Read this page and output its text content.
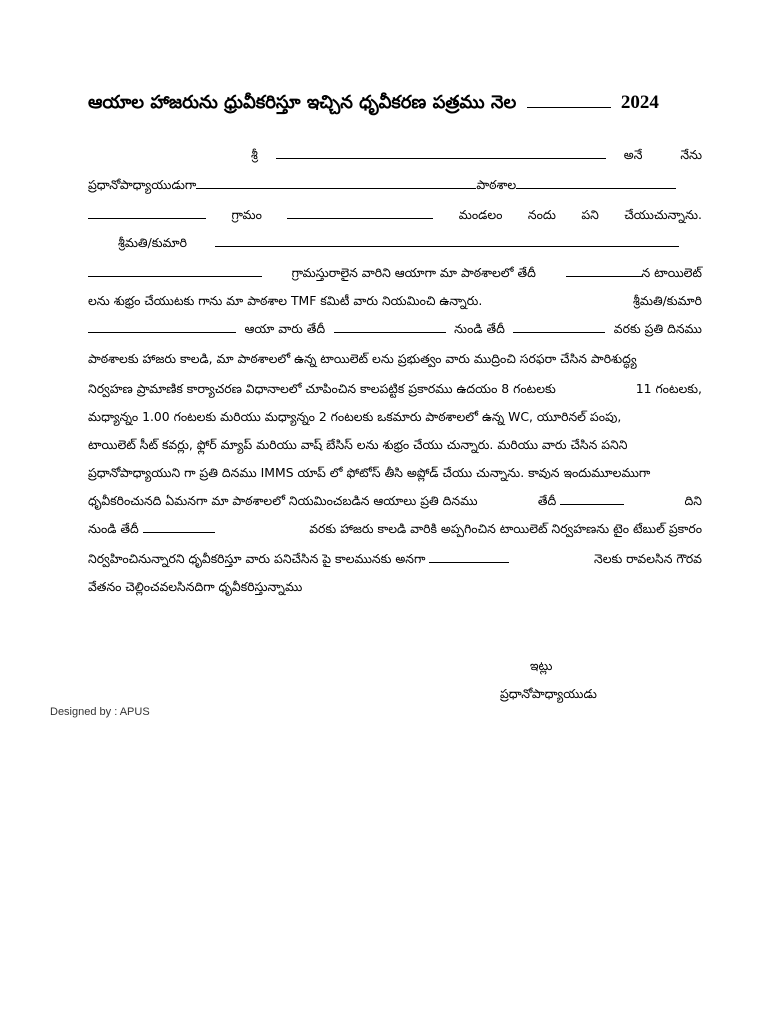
ఆయాల హాజరును ధ్రువీకరిస్తూ ఇచ్చిన ధృవీకరణ పత్రము నెల	2024
శ్రీ	అనే	నేను
ప్రధానోపాధ్యాయుడుగా	పాఠశాల
గ్రామం	మండలం నందు పని చేయుచున్నాను.
శ్రీమతి/కుమారి
గ్రామస్తురాలైన వారిని ఆయాగా మా పాఠశాలలో తేదీ	న టాయిలెట్
లను శుభ్రం చేయుటకు గాను మా పాఠశాల TMF కమిటీ వారు నియమించి ఉన్నారు.	శ్రీమతి/కుమారి
ఆయా వారు తేదీ	నుండి తేదీ	వరకు ప్రతి దినము
పాఠశాలకు హాజరు కాలడి, మా పాఠశాలలో ఉన్న టాయిలెట్ లను ప్రభుత్వం వారు ముద్రించి సరఫరా చేసిన పారిశుద్ధ్య
నిర్వహణ ప్రామాణిక కార్యాచరణ విధానాలలో చూపించిన కాలపట్టిక ప్రకారము ఉదయం 8 గంటలకు	11 గంటలకు,
మధ్యాన్నం 1.00 గంటలకు మరియు మధ్యాన్నం 2 గంటలకు ఒకమారు పాఠశాలలో ఉన్న WC, యూరినల్ పంపు,
టాయిలెట్ సీట్ కవర్లు, ఫ్లోర్ మ్యాప్ మరియు వాష్ బేసిస్ లను శుభ్రం చేయు చున్నారు. మరియు వారు చేసిన పనిని
ప్రధానోపాధ్యాయుని గా ప్రతి దినము IMMS యాప్ లో ఫోటోస్ తీసి అప్లోడ్ చేయు చున్నాను. కావున ఇందుమూలముగా
ధృవీకరించునది ఏమనగా మా పాఠశాలలో నియమించబడిన ఆయాలు ప్రతి దినము	తేదీ	దిని
నుండి తేదీ	వరకు హాజరు కాలడి వారికి అప్పగించిన టాయిలెట్ నిర్వహణను టైం టేబుల్ ప్రకారం
నిర్వహించినున్నారని ధృవీకరిస్తూ వారు పనిచేసిన పై కాలమునకు అనగా	నెలకు రావలసిన గౌరవ
వేతనం చెల్లించవలసినదిగా ధృవీకరిస్తున్నాము
ఇట్లు
ప్రధానోపాధ్యాయుడు
Designed by : APUS
